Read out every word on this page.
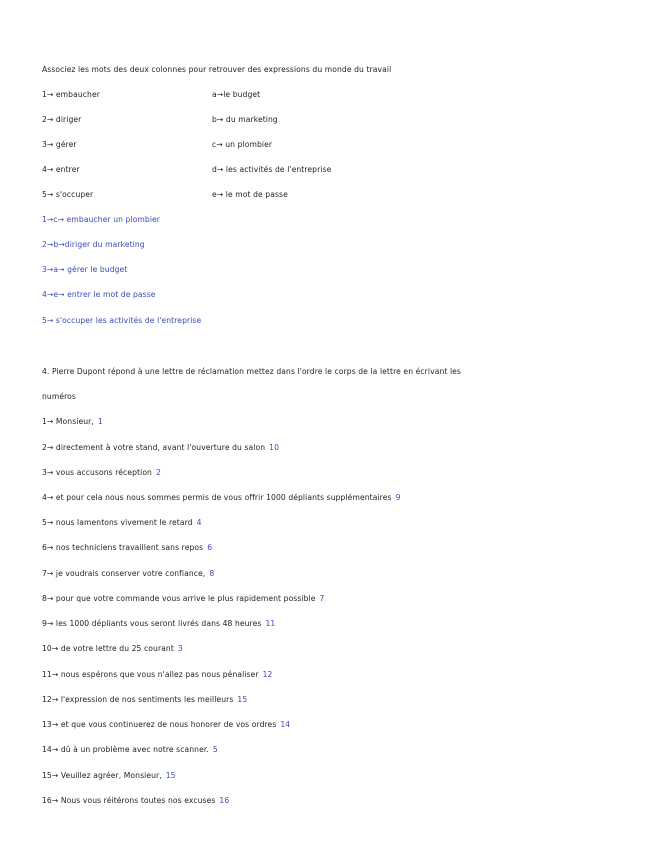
Associez les mots des deux colonnes pour retrouver des expressions du monde du travail
1→ embaucher	a→le budget
2→ diriger	b→ du marketing
3→ gérer	c→ un plombier
4→ entrer	d→ les activités de l'entreprise
5→ s'occuper	e→ le mot de passe
1→c→ embaucher un plombier
2→b→diriger du marketing
3→a→ gérer le budget
4→e→ entrer le mot de passe
5→ s'occuper les activités de l'entreprise
4. Pierre Dupont répond à une lettre de réclamation mettez dans l'ordre le corps de la lettre en écrivant les
numéros
1→ Monsieur, 1
2→ directement à votre stand, avant l'ouverture du salon 10
3→ vous accusons réception 2
4→ et pour cela nous nous sommes permis de vous offrir 1000 dépliants supplémentaires 9
5→ nous lamentons vivement le retard 4
6→ nos techniciens travaillent sans repos 6
7→ je voudrais conserver votre confiance, 8
8→ pour que votre commande vous arrive le plus rapidement possible 7
9→ les 1000 dépliants vous seront livrés dans 48 heures 11
10→ de votre lettre du 25 courant 3
11→ nous espérons que vous n'allez pas nous pénaliser 12
12→ l'expression de nos sentiments les meilleurs 15
13→ et que vous continuerez de nous honorer de vos ordres 14
14→ dû à un problème avec notre scanner. 5
15→ Veuillez agréer, Monsieur, 15
16→ Nous vous réitérons toutes nos excuses 16
